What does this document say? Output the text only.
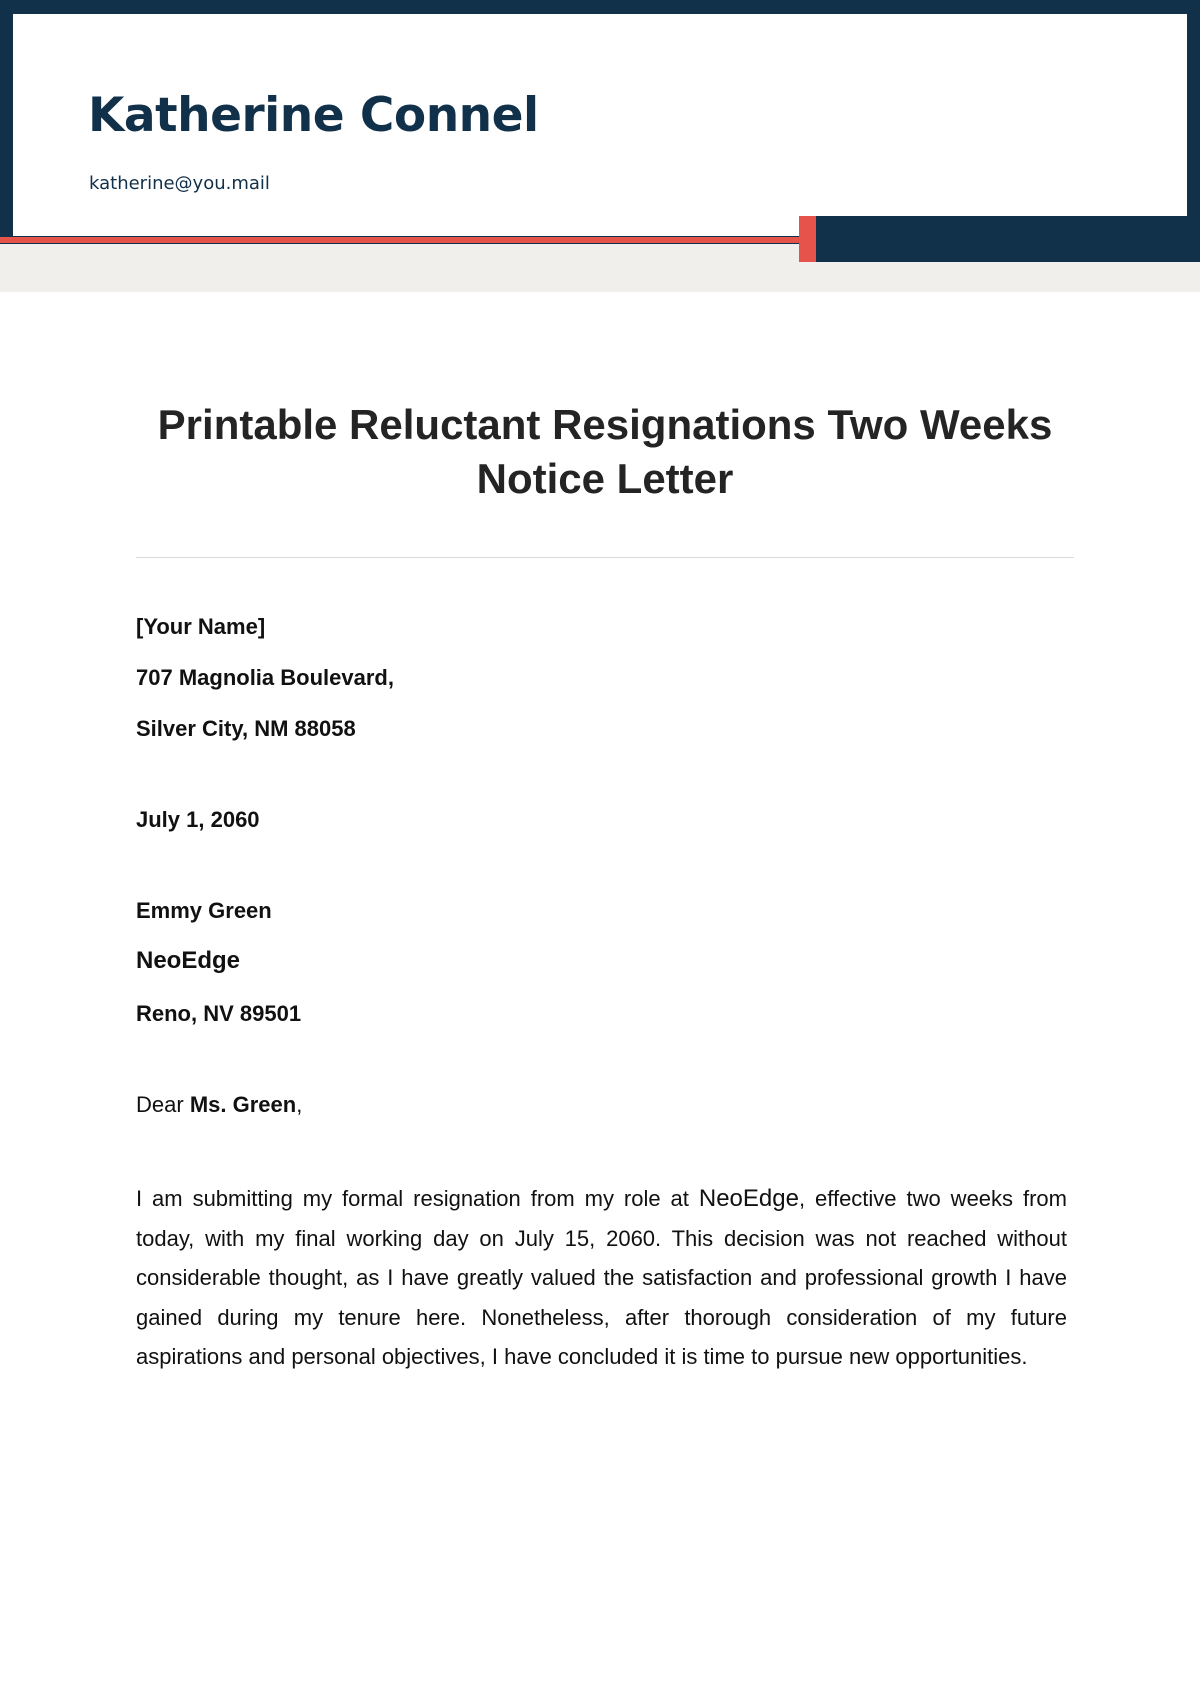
Katherine Connel

katherine@you.mail

Printable Reluctant Resignations Two Weeks Notice Letter

[Your Name]

707 Magnolia Boulevard,

Silver City, NM 88058

July 1, 2060

Emmy Green

NeoEdge

Reno, NV 89501

Dear Ms. Green,

I am submitting my formal resignation from my role at NeoEdge, effective two weeks from today, with my final working day on July 15, 2060. This decision was not reached without considerable thought, as I have greatly valued the satisfaction and professional growth I have gained during my tenure here. Nonetheless, after thorough consideration of my future aspirations and personal objectives, I have concluded it is time to pursue new opportunities.
